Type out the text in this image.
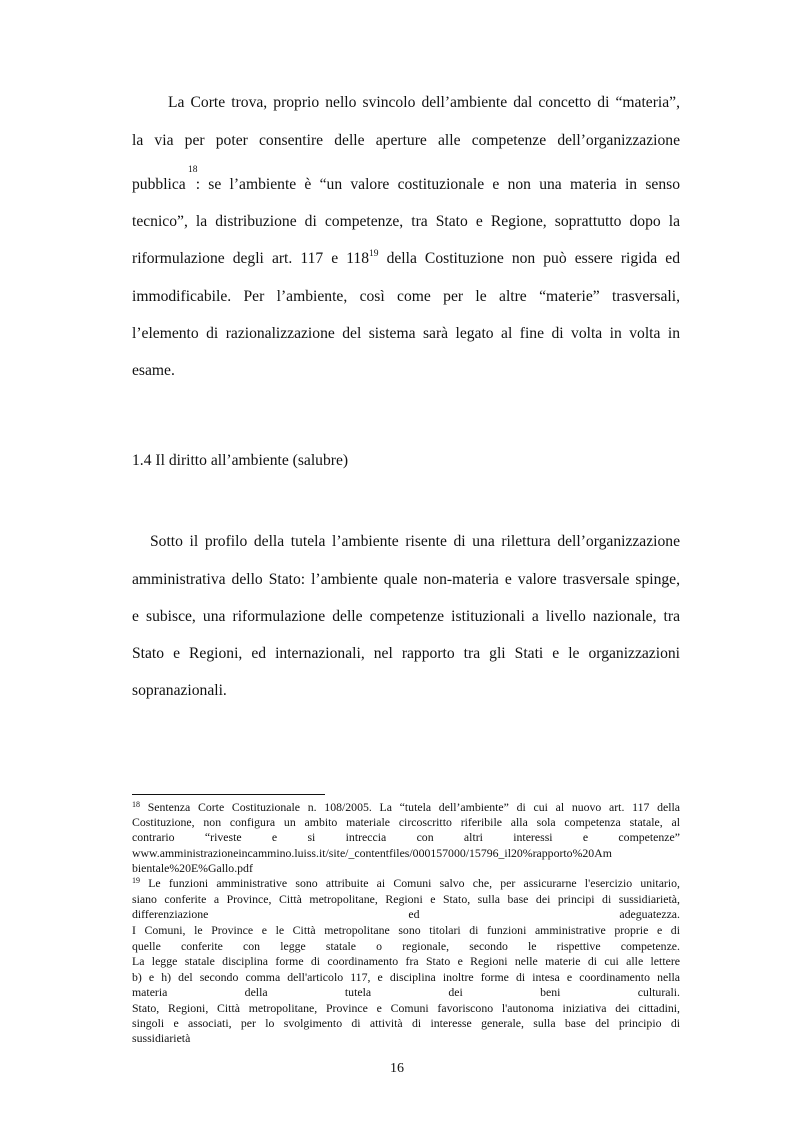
La Corte trova, proprio nello svincolo dell’ambiente dal concetto di “materia”,
la via per poter consentire delle aperture alle competenze dell’organizzazione
18
pubblica : se l’ambiente è “un valore costituzionale e non una materia in senso
tecnico”, la distribuzione di competenze, tra Stato e Regione, soprattutto dopo la
riformulazione degli art. 117 e $118^{19}$ della Costituzione non può essere rigida ed
immodificabile. Per l’ambiente, così come per le altre “materie” trasversali,
l’elemento di razionalizzazione del sistema sarà legato al fine di volta in volta in
esame.
1.4 Il diritto all’ambiente (salubre)
Sotto il profilo della tutela l’ambiente risente di una rilettura dell’organizzazione
amministrativa dello Stato: l’ambiente quale non-materia e valore trasversale spinge,
e subisce, una riformulazione delle competenze istituzionali a livello nazionale, tra
Stato e Regioni, ed internazionali, nel rapporto tra gli Stati e le organizzazioni
sopranazionali.
$^{18}$ Sentenza Corte Costituzionale n. 108/2005. La “tutela dell’ambiente” di cui al nuovo art. 117 della
Costituzione, non configura un ambito materiale circoscritto riferibile alla sola competenza statale, al
contrario “riveste e si intreccia con altri interessi e competenze”
www.amministrazioneincammino.luiss.it/site/_contentfiles/000157000/15796_il20%rapporto%20Am
bientale%20E%Gallo.pdf
$^{19}$ Le funzioni amministrative sono attribuite ai Comuni salvo che, per assicurarne l'esercizio unitario,
siano conferite a Province, Città metropolitane, Regioni e Stato, sulla base dei principi di sussidiarietà,
differenziazione ed adeguatezza.
I Comuni, le Province e le Città metropolitane sono titolari di funzioni amministrative proprie e di
quelle conferite con legge statale o regionale, secondo le rispettive competenze.
La legge statale disciplina forme di coordinamento fra Stato e Regioni nelle materie di cui alle lettere
b) e h) del secondo comma dell'articolo 117, e disciplina inoltre forme di intesa e coordinamento nella
materia della tutela dei beni culturali.
Stato, Regioni, Città metropolitane, Province e Comuni favoriscono l'autonoma iniziativa dei cittadini,
singoli e associati, per lo svolgimento di attività di interesse generale, sulla base del principio di
sussidiarietà
16
